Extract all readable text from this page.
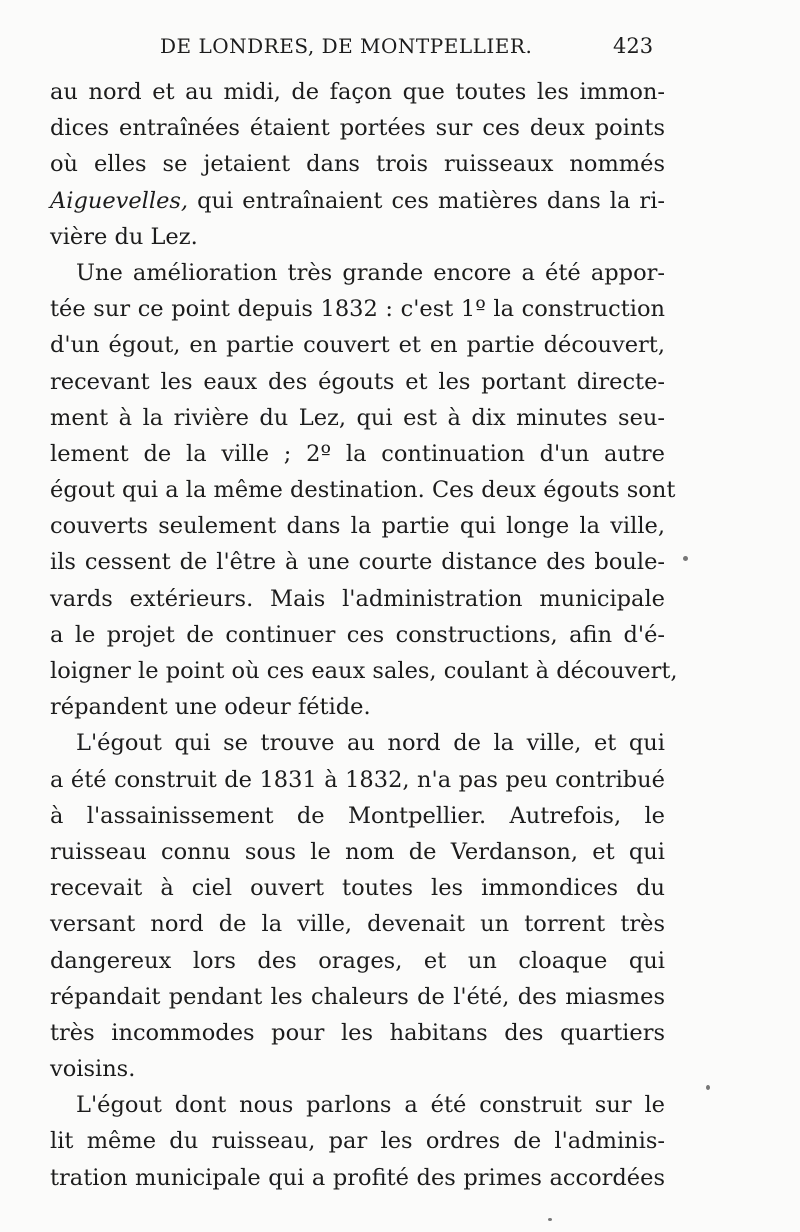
DE LONDRES, DE MONTPELLIER.	423
au nord et au midi, de façon que toutes les immon-
dices entraînées étaient portées sur ces deux points
où elles se jetaient dans trois ruisseaux nommés
Aiguevelles, qui entraînaient ces matières dans la ri-
vière du Lez.
Une amélioration très grande encore a été appor-
tée sur ce point depuis 1832 : c'est 1º la construction
d'un égout, en partie couvert et en partie découvert,
recevant les eaux des égouts et les portant directe-
ment à la rivière du Lez, qui est à dix minutes seu-
lement de la ville ; 2º la continuation d'un autre
égout qui a la même destination. Ces deux égouts sont
couverts seulement dans la partie qui longe la ville,
ils cessent de l'être à une courte distance des boule-
vards extérieurs. Mais l'administration municipale
a le projet de continuer ces constructions, afin d'é-
loigner le point où ces eaux sales, coulant à découvert,
répandent une odeur fétide.
L'égout qui se trouve au nord de la ville, et qui
a été construit de 1831 à 1832, n'a pas peu contribué
à l'assainissement de Montpellier. Autrefois, le
ruisseau connu sous le nom de Verdanson, et qui
recevait à ciel ouvert toutes les immondices du
versant nord de la ville, devenait un torrent très
dangereux lors des orages, et un cloaque qui
répandait pendant les chaleurs de l'été, des miasmes
très incommodes pour les habitans des quartiers
voisins.
L'égout dont nous parlons a été construit sur le
lit même du ruisseau, par les ordres de l'adminis-
tration municipale qui a profité des primes accordées
